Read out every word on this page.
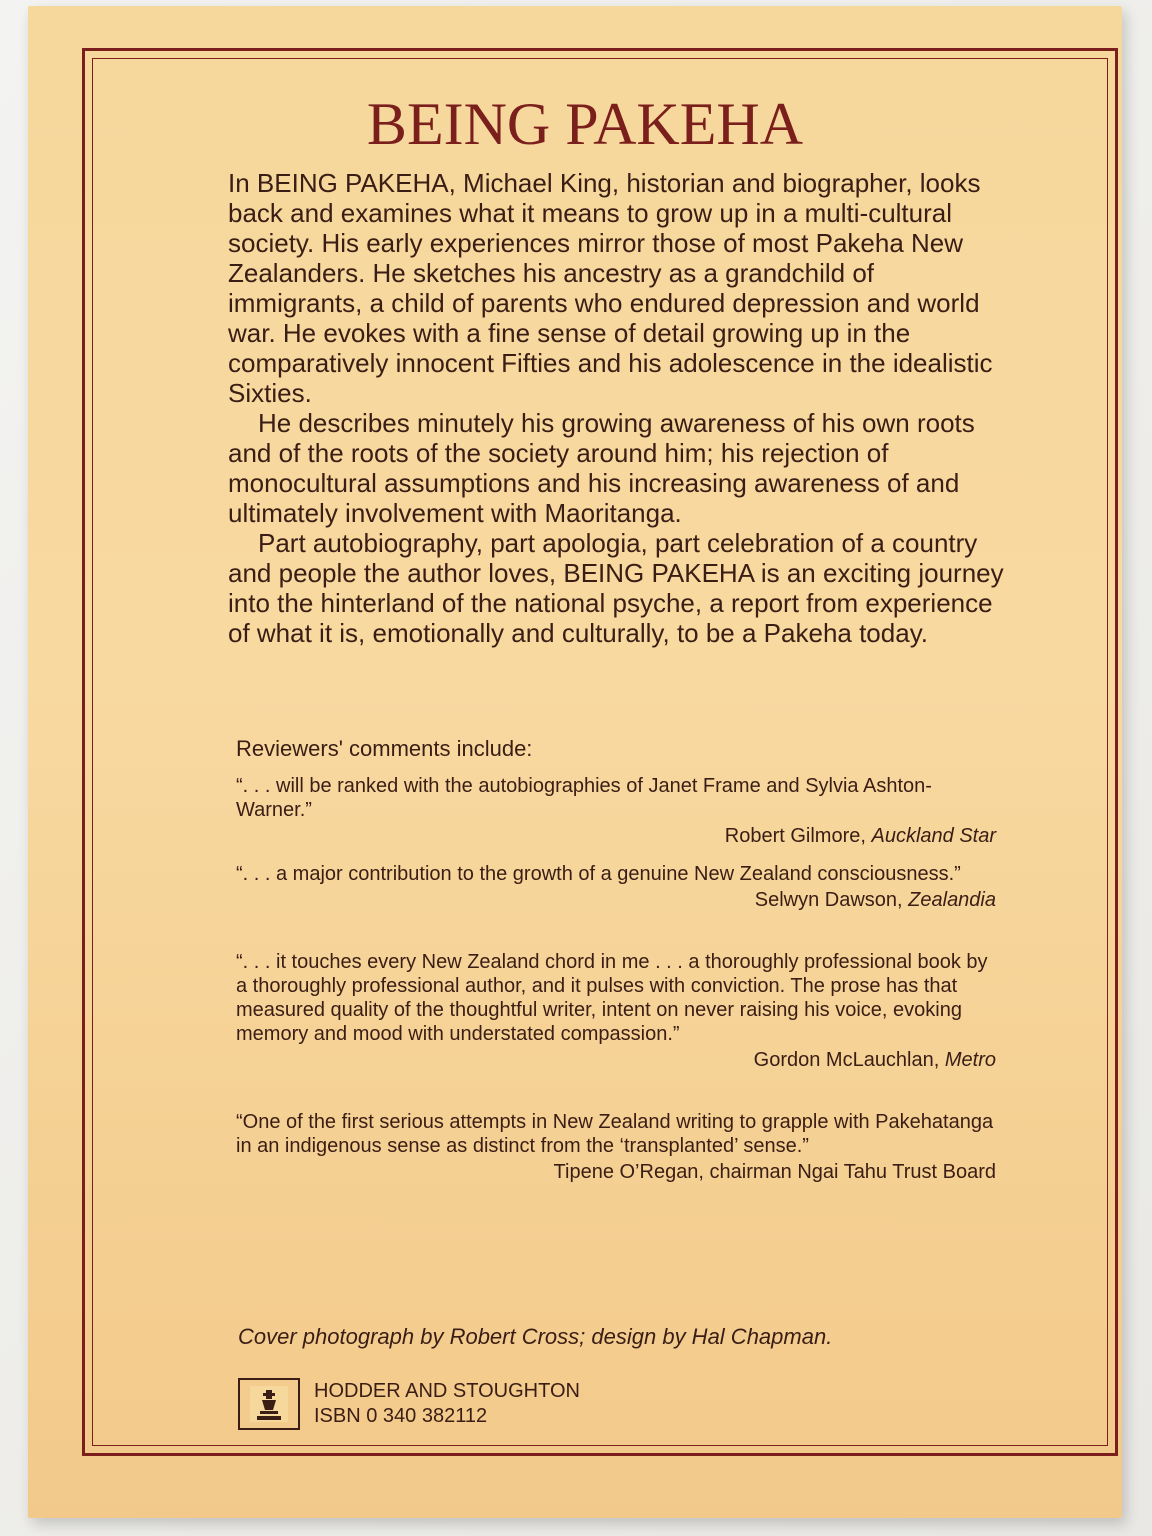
BEING PAKEHA

In BEING PAKEHA, Michael King, historian and biographer, looks back and examines what it means to grow up in a multi-cultural society. His early experiences mirror those of most Pakeha New Zealanders. He sketches his ancestry as a grandchild of immigrants, a child of parents who endured depression and world war. He evokes with a fine sense of detail growing up in the comparatively innocent Fifties and his adolescence in the idealistic Sixties.

He describes minutely his growing awareness of his own roots and of the roots of the society around him; his rejection of monocultural assumptions and his increasing awareness of and ultimately involvement with Maoritanga.

Part autobiography, part apologia, part celebration of a country and people the author loves, BEING PAKEHA is an exciting journey into the hinterland of the national psyche, a report from experience of what it is, emotionally and culturally, to be a Pakeha today.

Reviewers' comments include:

“. . . will be ranked with the autobiographies of Janet Frame and Sylvia Ashton-Warner.”

Robert Gilmore, Auckland Star

“. . . a major contribution to the growth of a genuine New Zealand consciousness.”

Selwyn Dawson, Zealandia

“. . . it touches every New Zealand chord in me . . . a thoroughly professional book by a thoroughly professional author, and it pulses with conviction. The prose has that measured quality of the thoughtful writer, intent on never raising his voice, evoking memory and mood with understated compassion.”

Gordon McLauchlan, Metro

“One of the first serious attempts in New Zealand writing to grapple with Pakehatanga in an indigenous sense as distinct from the ‘transplanted’ sense.”

Tipene O’Regan, chairman Ngai Tahu Trust Board

Cover photograph by Robert Cross; design by Hal Chapman.

HODDER AND STOUGHTON
ISBN 0 340 382112
